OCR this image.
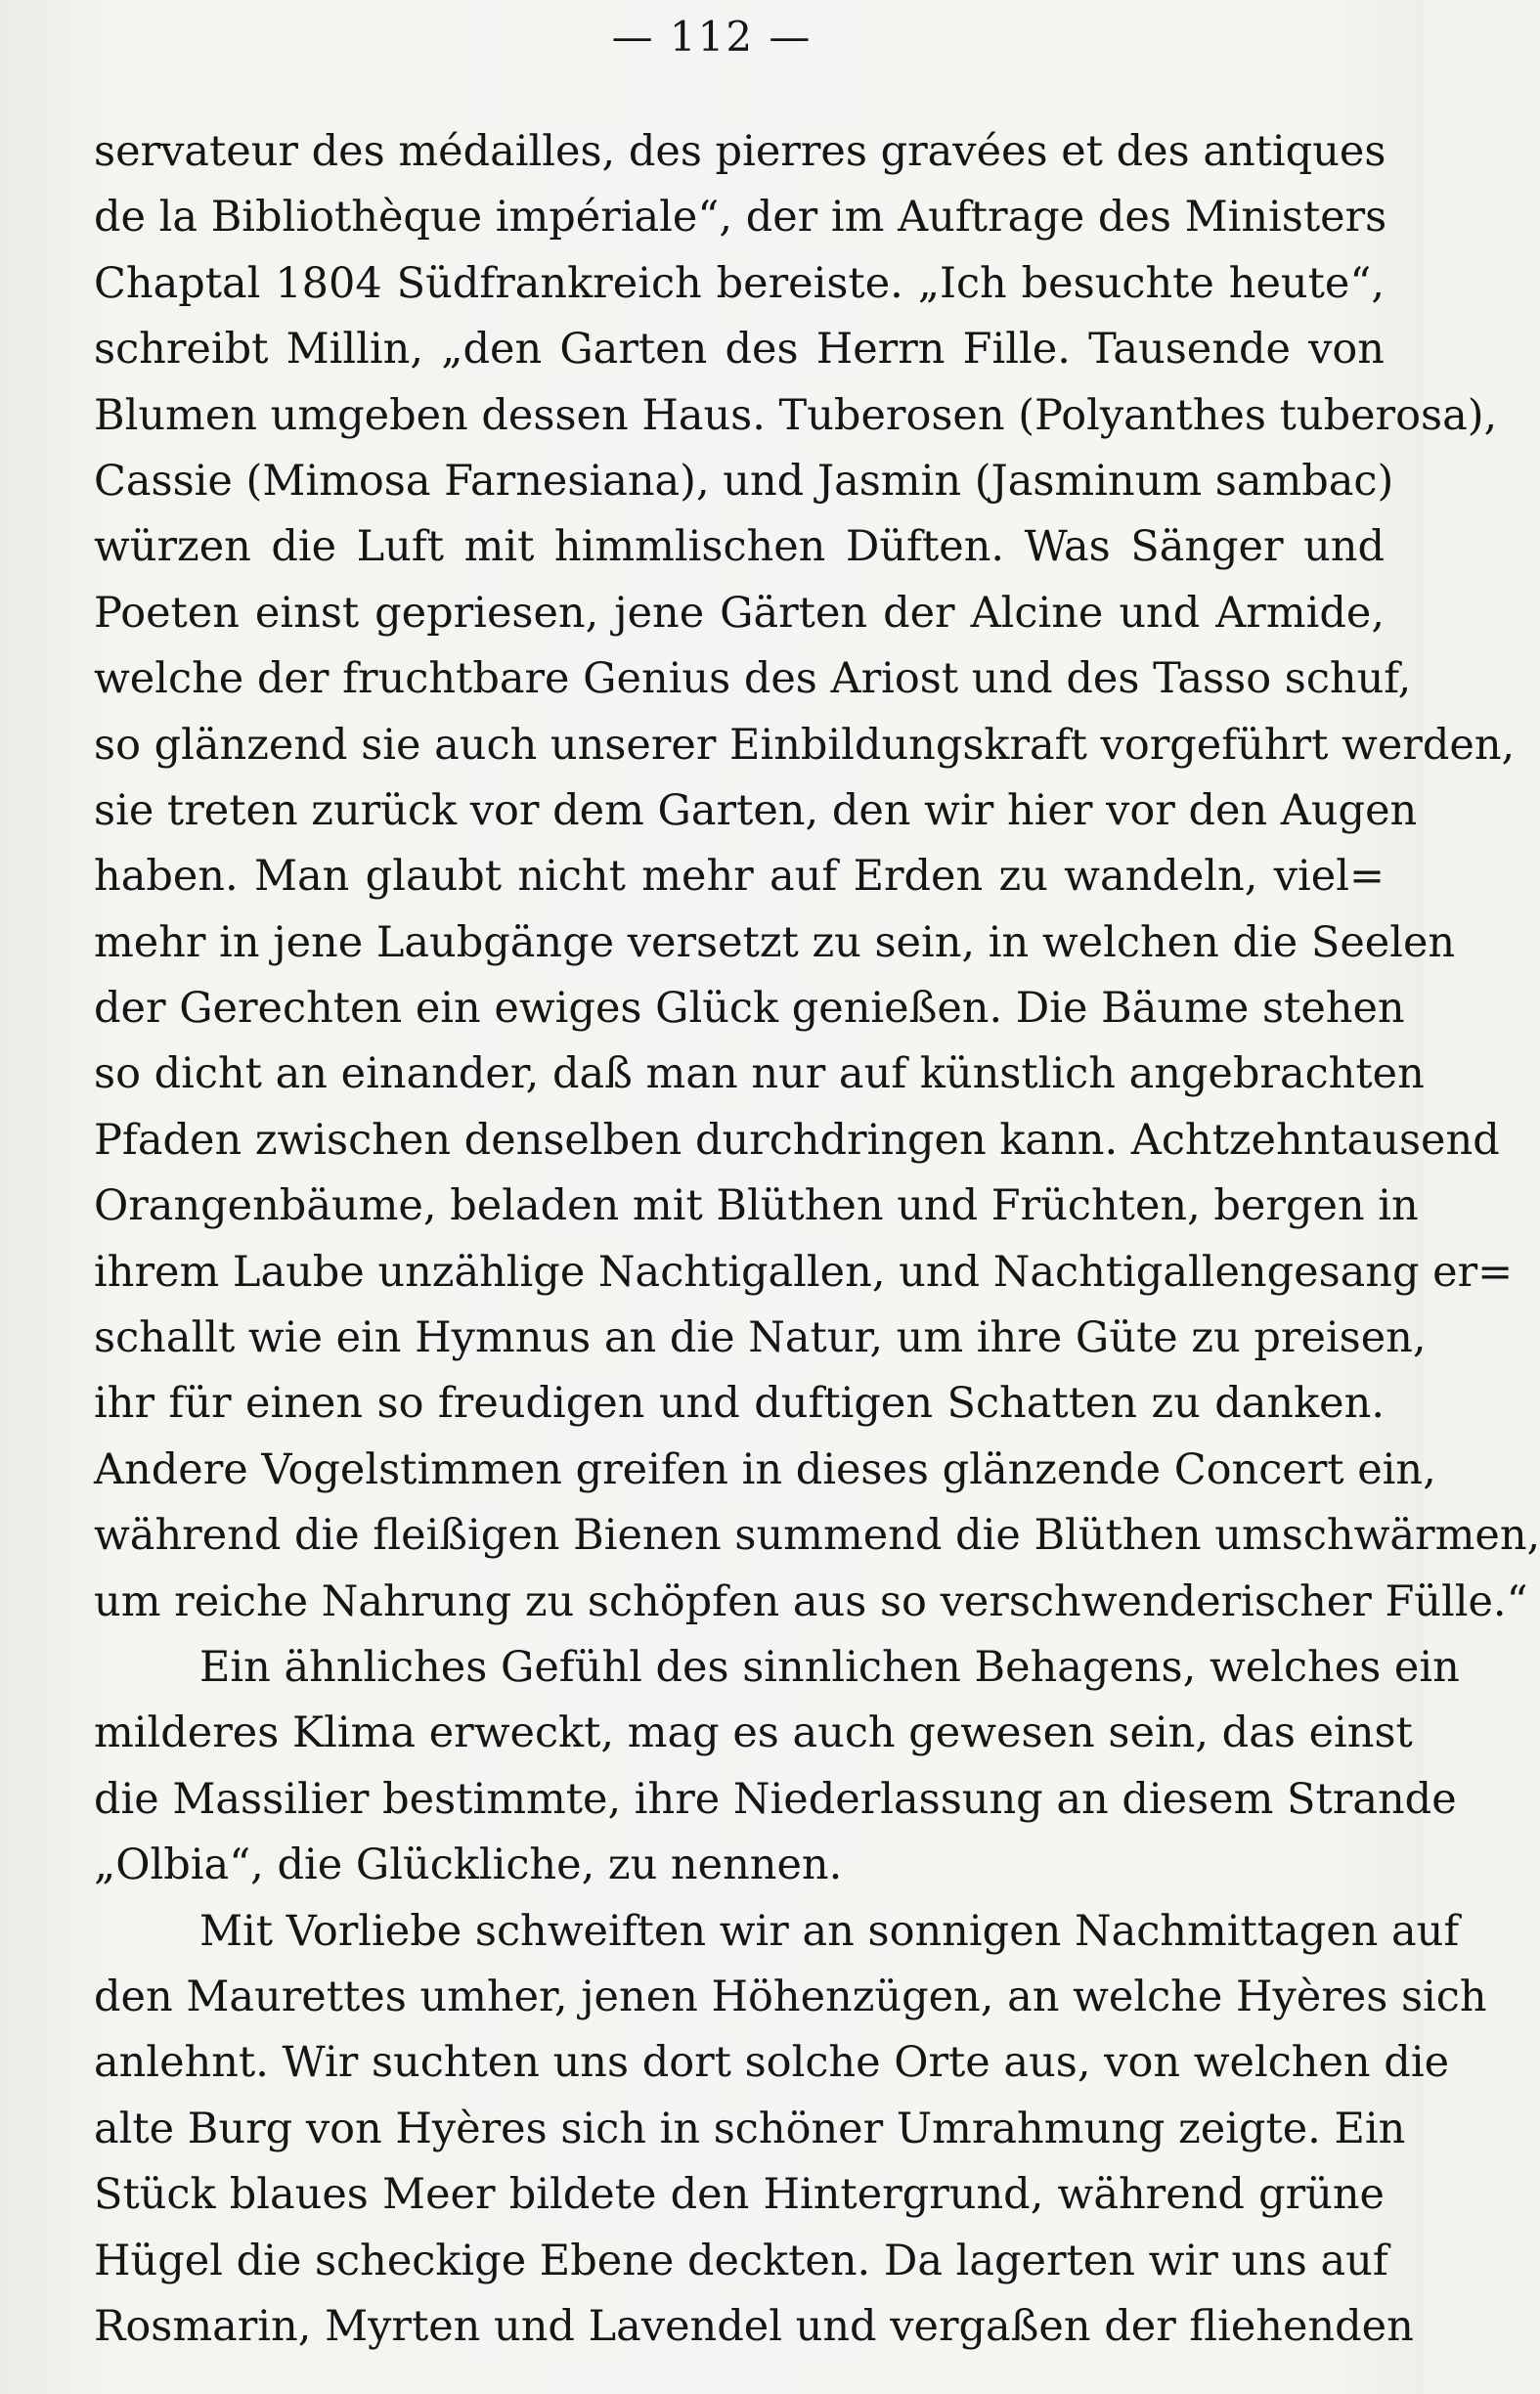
— 112 —
servateur des médailles, des pierres gravées et des antiques
de la Bibliothèque impériale“, der im Auftrage des Ministers
Chaptal 1804 Südfrankreich bereiste. „Ich besuchte heute“,
schreibt Millin, „den Garten des Herrn Fille. Tausende von
Blumen umgeben dessen Haus. Tuberosen (Polyanthes tuberosa),
Cassie (Mimosa Farnesiana), und Jasmin (Jasminum sambac)
würzen die Luft mit himmlischen Düften. Was Sänger und
Poeten einst gepriesen, jene Gärten der Alcine und Armide,
welche der fruchtbare Genius des Ariost und des Tasso schuf,
so glänzend sie auch unserer Einbildungskraft vorgeführt werden,
sie treten zurück vor dem Garten, den wir hier vor den Augen
haben. Man glaubt nicht mehr auf Erden zu wandeln, viel=
mehr in jene Laubgänge versetzt zu sein, in welchen die Seelen
der Gerechten ein ewiges Glück genießen. Die Bäume stehen
so dicht an einander, daß man nur auf künstlich angebrachten
Pfaden zwischen denselben durchdringen kann. Achtzehntausend
Orangenbäume, beladen mit Blüthen und Früchten, bergen in
ihrem Laube unzählige Nachtigallen, und Nachtigallengesang er=
schallt wie ein Hymnus an die Natur, um ihre Güte zu preisen,
ihr für einen so freudigen und duftigen Schatten zu danken.
Andere Vogelstimmen greifen in dieses glänzende Concert ein,
während die fleißigen Bienen summend die Blüthen umschwärmen,
um reiche Nahrung zu schöpfen aus so verschwenderischer Fülle.“
Ein ähnliches Gefühl des sinnlichen Behagens, welches ein
milderes Klima erweckt, mag es auch gewesen sein, das einst
die Massilier bestimmte, ihre Niederlassung an diesem Strande
„Olbia“, die Glückliche, zu nennen.
Mit Vorliebe schweiften wir an sonnigen Nachmittagen auf
den Maurettes umher, jenen Höhenzügen, an welche Hyères sich
anlehnt. Wir suchten uns dort solche Orte aus, von welchen die
alte Burg von Hyères sich in schöner Umrahmung zeigte. Ein
Stück blaues Meer bildete den Hintergrund, während grüne
Hügel die scheckige Ebene deckten. Da lagerten wir uns auf
Rosmarin, Myrten und Lavendel und vergaßen der fliehenden
